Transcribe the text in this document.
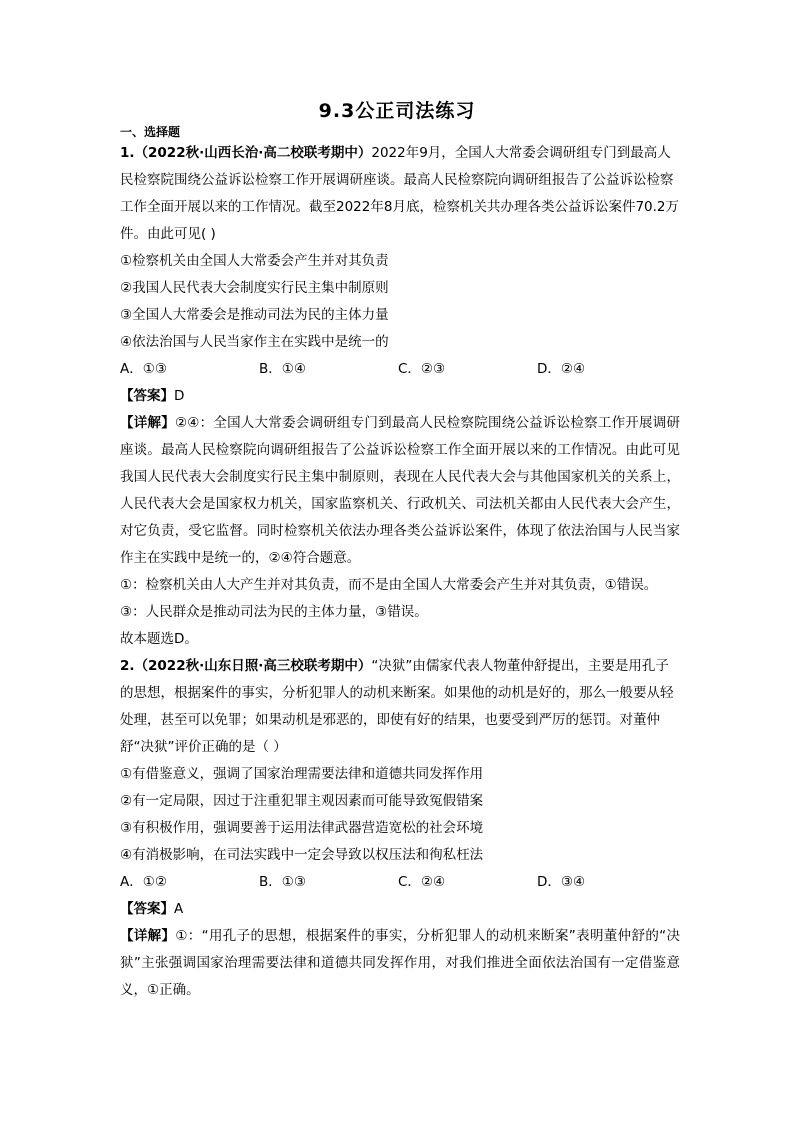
9.3公正司法练习
一、选择题

1.（2022秋·山西长治·高二校联考期中）2022年9月，全国人大常委会调研组专门到最高人民检察院围绕公益诉讼检察工作开展调研座谈。最高人民检察院向调研组报告了公益诉讼检察工作全面开展以来的工作情况。截至2022年8月底，检察机关共办理各类公益诉讼案件70.2万件。由此可见( )

①检察机关由全国人大常委会产生并对其负责

②我国人民代表大会制度实行民主集中制原则

③全国人大常委会是推动司法为民的主体力量

④依法治国与人民当家作主在实践中是统一的

A．①③	B．①④	C．②③	D．②④

【答案】D

【详解】②④：全国人大常委会调研组专门到最高人民检察院围绕公益诉讼检察工作开展调研座谈。最高人民检察院向调研组报告了公益诉讼检察工作全面开展以来的工作情况。由此可见我国人民代表大会制度实行民主集中制原则，表现在人民代表大会与其他国家机关的关系上，人民代表大会是国家权力机关，国家监察机关、行政机关、司法机关都由人民代表大会产生，对它负责，受它监督。同时检察机关依法办理各类公益诉讼案件，体现了依法治国与人民当家作主在实践中是统一的，②④符合题意。

①：检察机关由人大产生并对其负责，而不是由全国人大常委会产生并对其负责，①错误。

③：人民群众是推动司法为民的主体力量，③错误。

故本题选D。

2.（2022秋·山东日照·高三校联考期中）“决狱”由儒家代表人物董仲舒提出，主要是用孔子的思想，根据案件的事实，分析犯罪人的动机来断案。如果他的动机是好的，那么一般要从轻处理，甚至可以免罪；如果动机是邪恶的，即使有好的结果，也要受到严厉的惩罚。对董仲舒“决狱”评价正确的是（ ）

①有借鉴意义，强调了国家治理需要法律和道德共同发挥作用

②有一定局限，因过于注重犯罪主观因素而可能导致冤假错案

③有积极作用，强调要善于运用法律武器营造宽松的社会环境

④有消极影响，在司法实践中一定会导致以权压法和徇私枉法

A．①②	B．①③	C．②④	D．③④

【答案】A

【详解】①：“用孔子的思想，根据案件的事实，分析犯罪人的动机来断案”表明董仲舒的“决狱”主张强调国家治理需要法律和道德共同发挥作用，对我们推进全面依法治国有一定借鉴意义，①正确。
